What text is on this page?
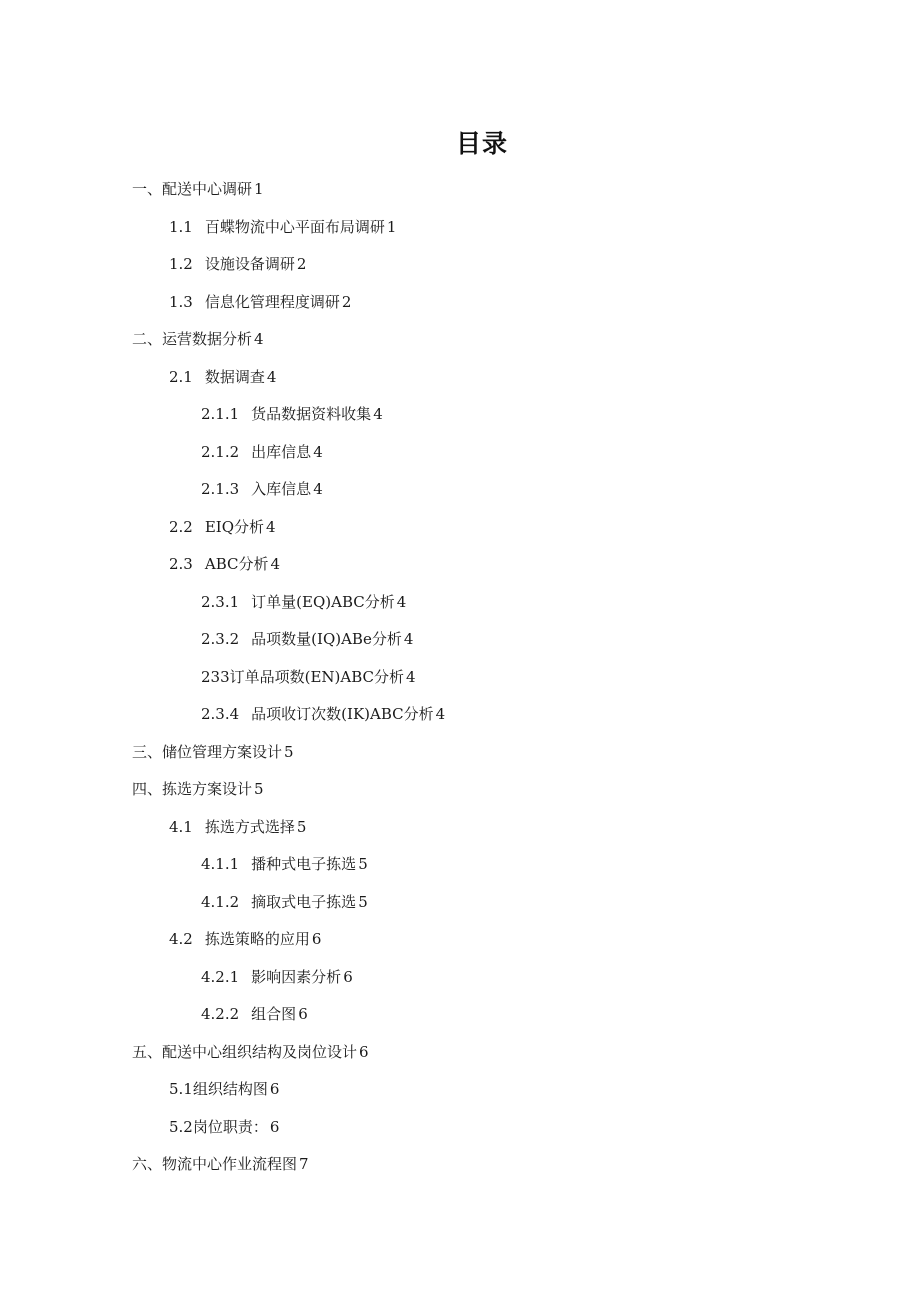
目录
一、配送中心调研 1
1.1 百蝶物流中心平面布局调研 1
1.2 设施设备调研 2
1.3 信息化管理程度调研 2
二、运营数据分析 4
2.1 数据调查 4
2.1.1 货品数据资料收集 4
2.1.2 出库信息 4
2.1.3 入库信息 4
2.2 EIQ分析 4
2.3 ABC分析 4
2.3.1 订单量(EQ)ABC分析 4
2.3.2 品项数量(IQ)ABe分析 4
233订单品项数(EN)ABC分析 4
2.3.4 品项收订次数(IK)ABC分析 4
三、储位管理方案设计 5
四、拣选方案设计 5
4.1 拣选方式选择 5
4.1.1 播种式电子拣选 5
4.1.2 摘取式电子拣选 5
4.2 拣选策略的应用 6
4.2.1 影响因素分析 6
4.2.2 组合图 6
五、配送中心组织结构及岗位设计 6
5.1组织结构图 6
5.2岗位职责： 6
六、物流中心作业流程图 7
